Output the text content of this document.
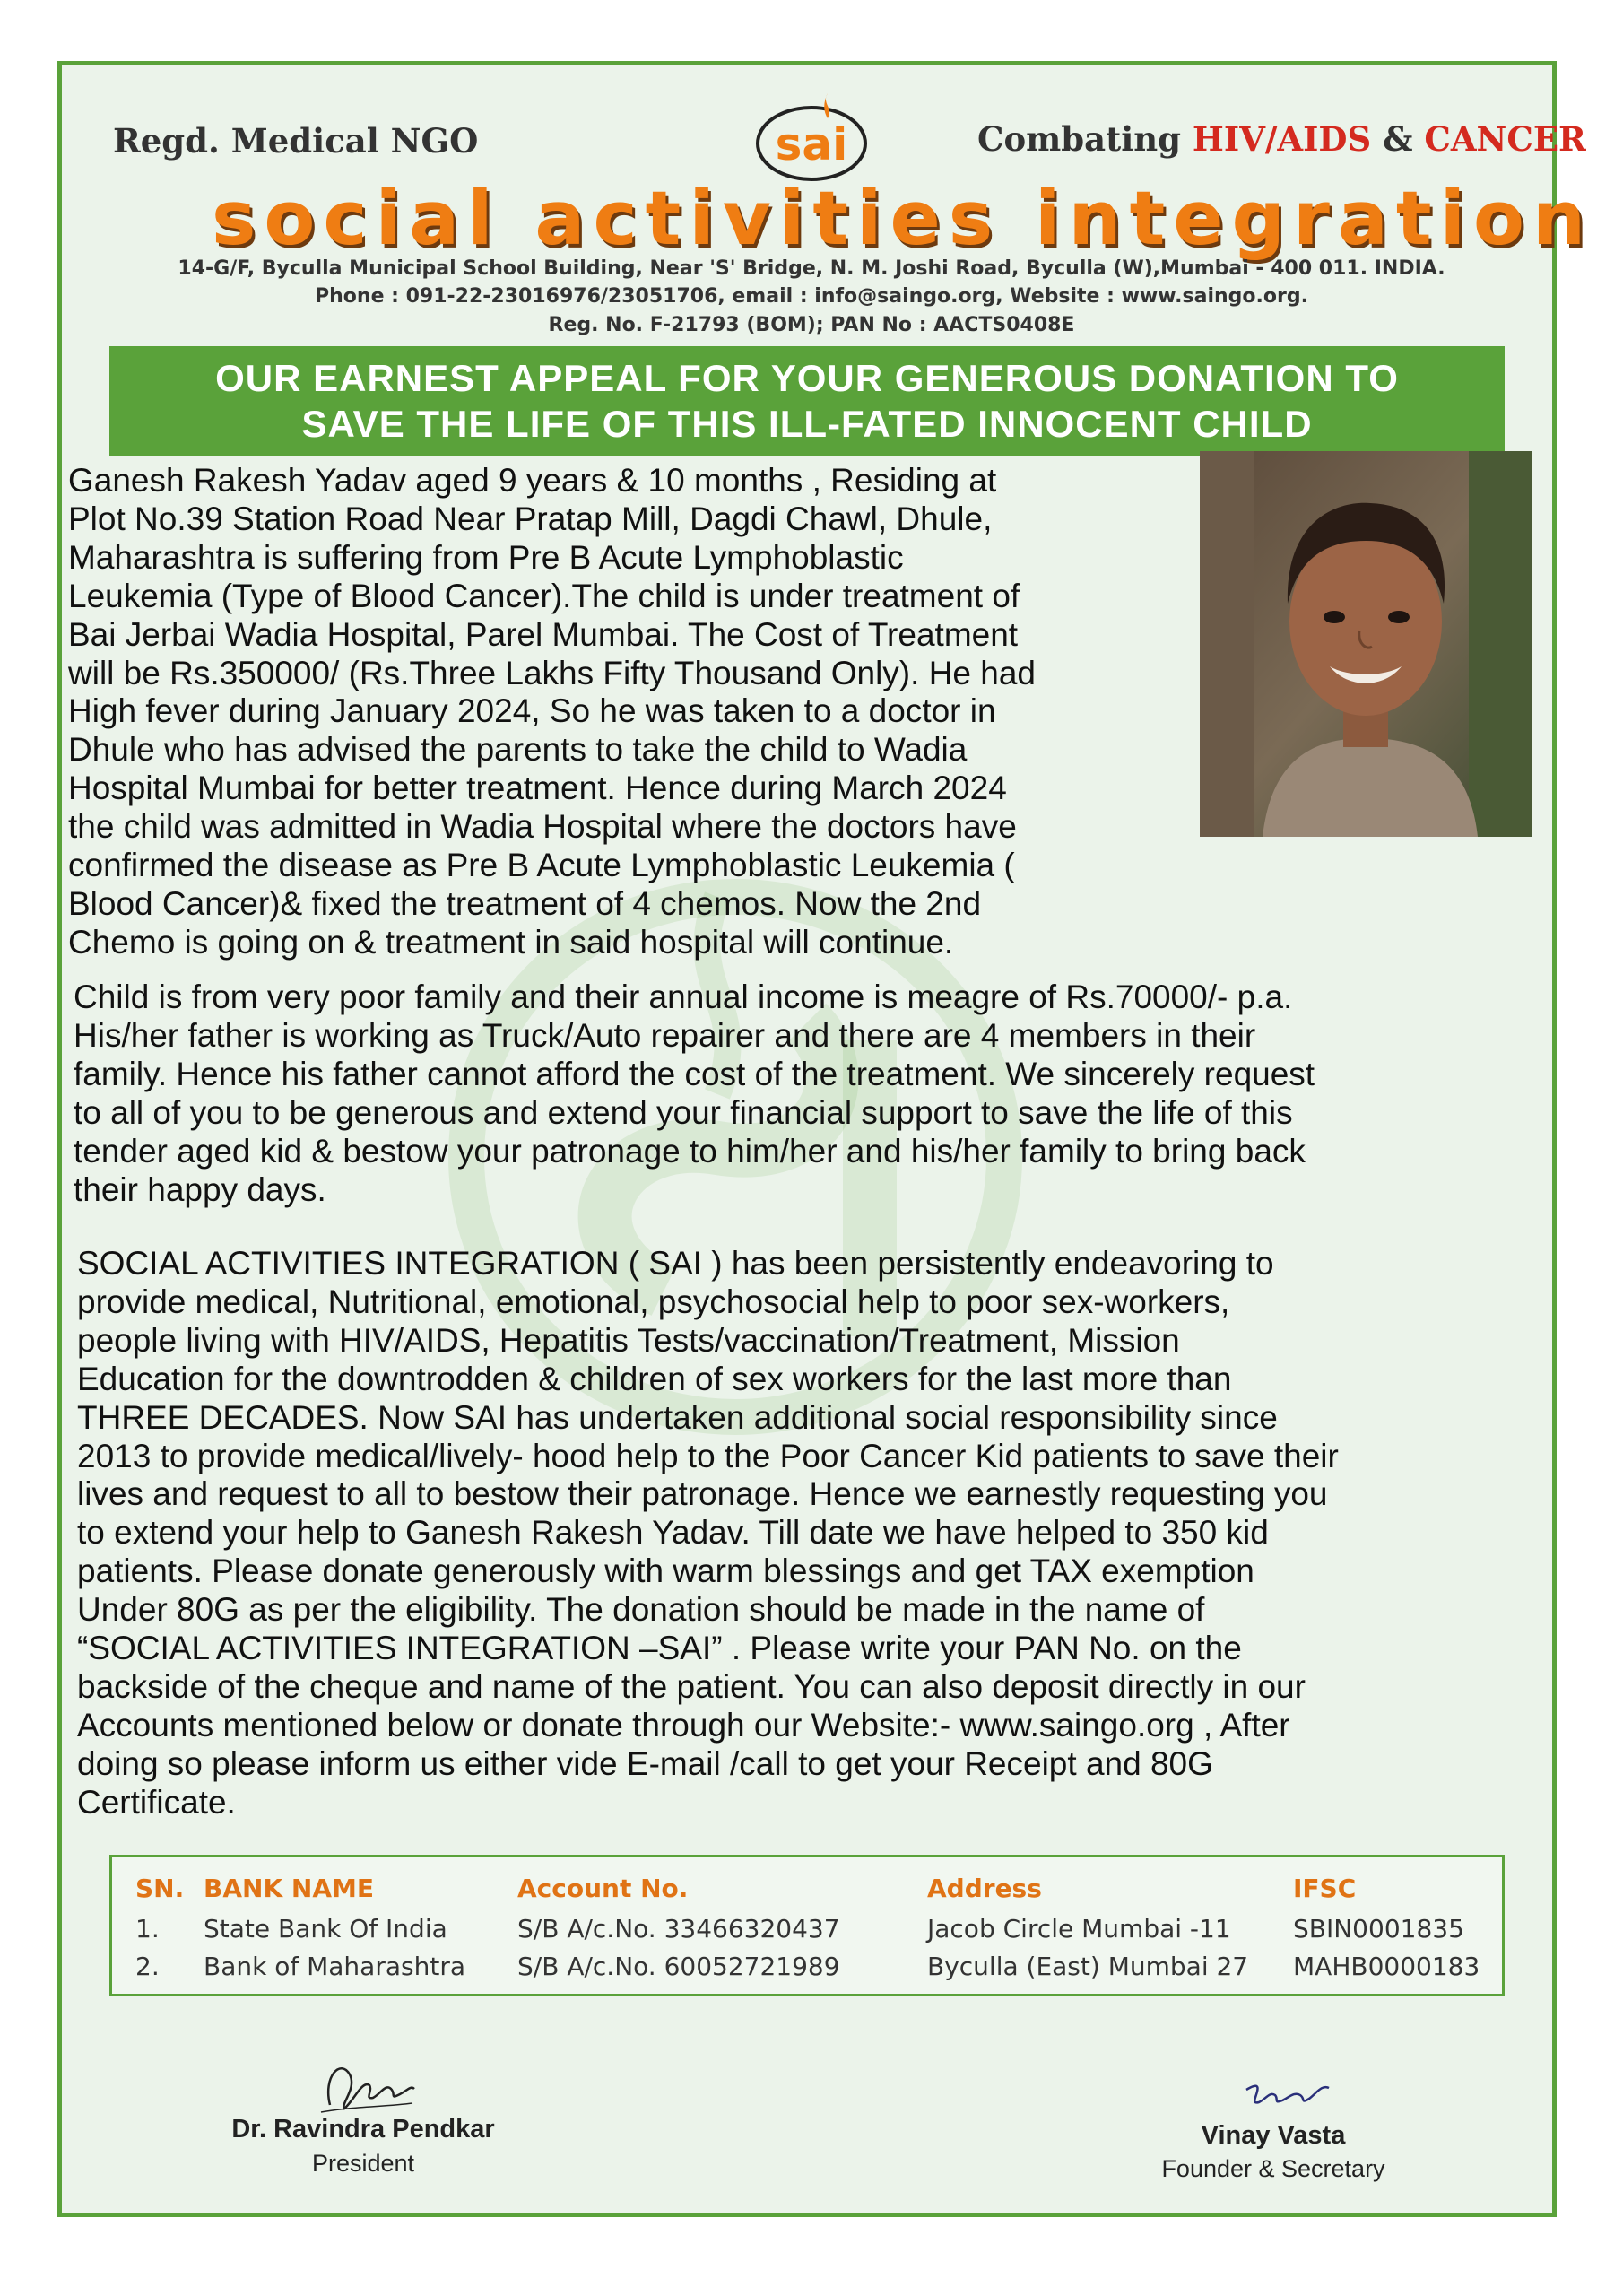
Regd. Medical NGO	sai	Combating HIV/AIDS & CANCER
social activities integration
14-G/F, Byculla Municipal School Building, Near 'S' Bridge, N. M. Joshi Road, Byculla (W),Mumbai - 400 011. INDIA.
Phone : 091-22-23016976/23051706, email : info@saingo.org, Website : www.saingo.org.
Reg. No. F-21793 (BOM); PAN No : AACTS0408E
OUR EARNEST APPEAL FOR YOUR GENEROUS DONATION TO
SAVE THE LIFE OF THIS ILL-FATED INNOCENT CHILD
Ganesh Rakesh Yadav aged 9 years & 10 months , Residing at
Plot No.39 Station Road Near Pratap Mill, Dagdi Chawl, Dhule,
Maharashtra is suffering from Pre B Acute Lymphoblastic
Leukemia (Type of Blood Cancer).The child is under treatment of
Bai Jerbai Wadia Hospital, Parel Mumbai. The Cost of Treatment
will be Rs.350000/ (Rs.Three Lakhs Fifty Thousand Only). He had
High fever during January 2024, So he was taken to a doctor in
Dhule who has advised the parents to take the child to Wadia
Hospital Mumbai for better treatment. Hence during March 2024
the child was admitted in Wadia Hospital where the doctors have
confirmed the disease as Pre B Acute Lymphoblastic Leukemia (
Blood Cancer)& fixed the treatment of 4 chemos. Now the 2nd
Chemo is going on & treatment in said hospital will continue.
Child is from very poor family and their annual income is meagre of Rs.70000/- p.a.
His/her father is working as Truck/Auto repairer and there are 4 members in their
family. Hence his father cannot afford the cost of the treatment. We sincerely request
to all of you to be generous and extend your financial support to save the life of this
tender aged kid & bestow your patronage to him/her and his/her family to bring back
their happy days.
SOCIAL ACTIVITIES INTEGRATION ( SAI ) has been persistently endeavoring to
provide medical, Nutritional, emotional, psychosocial help to poor sex-workers,
people living with HIV/AIDS, Hepatitis Tests/vaccination/Treatment, Mission
Education for the downtrodden & children of sex workers for the last more than
THREE DECADES. Now SAI has undertaken additional social responsibility since
2013 to provide medical/lively- hood help to the Poor Cancer Kid patients to save their
lives and request to all to bestow their patronage. Hence we earnestly requesting you
to extend your help to Ganesh Rakesh Yadav. Till date we have helped to 350 kid
patients. Please donate generously with warm blessings and get TAX exemption
Under 80G as per the eligibility. The donation should be made in the name of
“SOCIAL ACTIVITIES INTEGRATION –SAI” . Please write your PAN No. on the
backside of the cheque and name of the patient. You can also deposit directly in our
Accounts mentioned below or donate through our Website:- www.saingo.org , After
doing so please inform us either vide E-mail /call to get your Receipt and 80G
Certificate.
SN.	BANK NAME	Account No.	Address	IFSC
1.	State Bank Of India	S/B A/c.No. 33466320437	Jacob Circle Mumbai -11	SBIN0001835
2.	Bank of Maharashtra	S/B A/c.No. 60052721989	Byculla (East) Mumbai 27	MAHB0000183
Dr. Ravindra Pendkar
President
Vinay Vasta
Founder & Secretary
